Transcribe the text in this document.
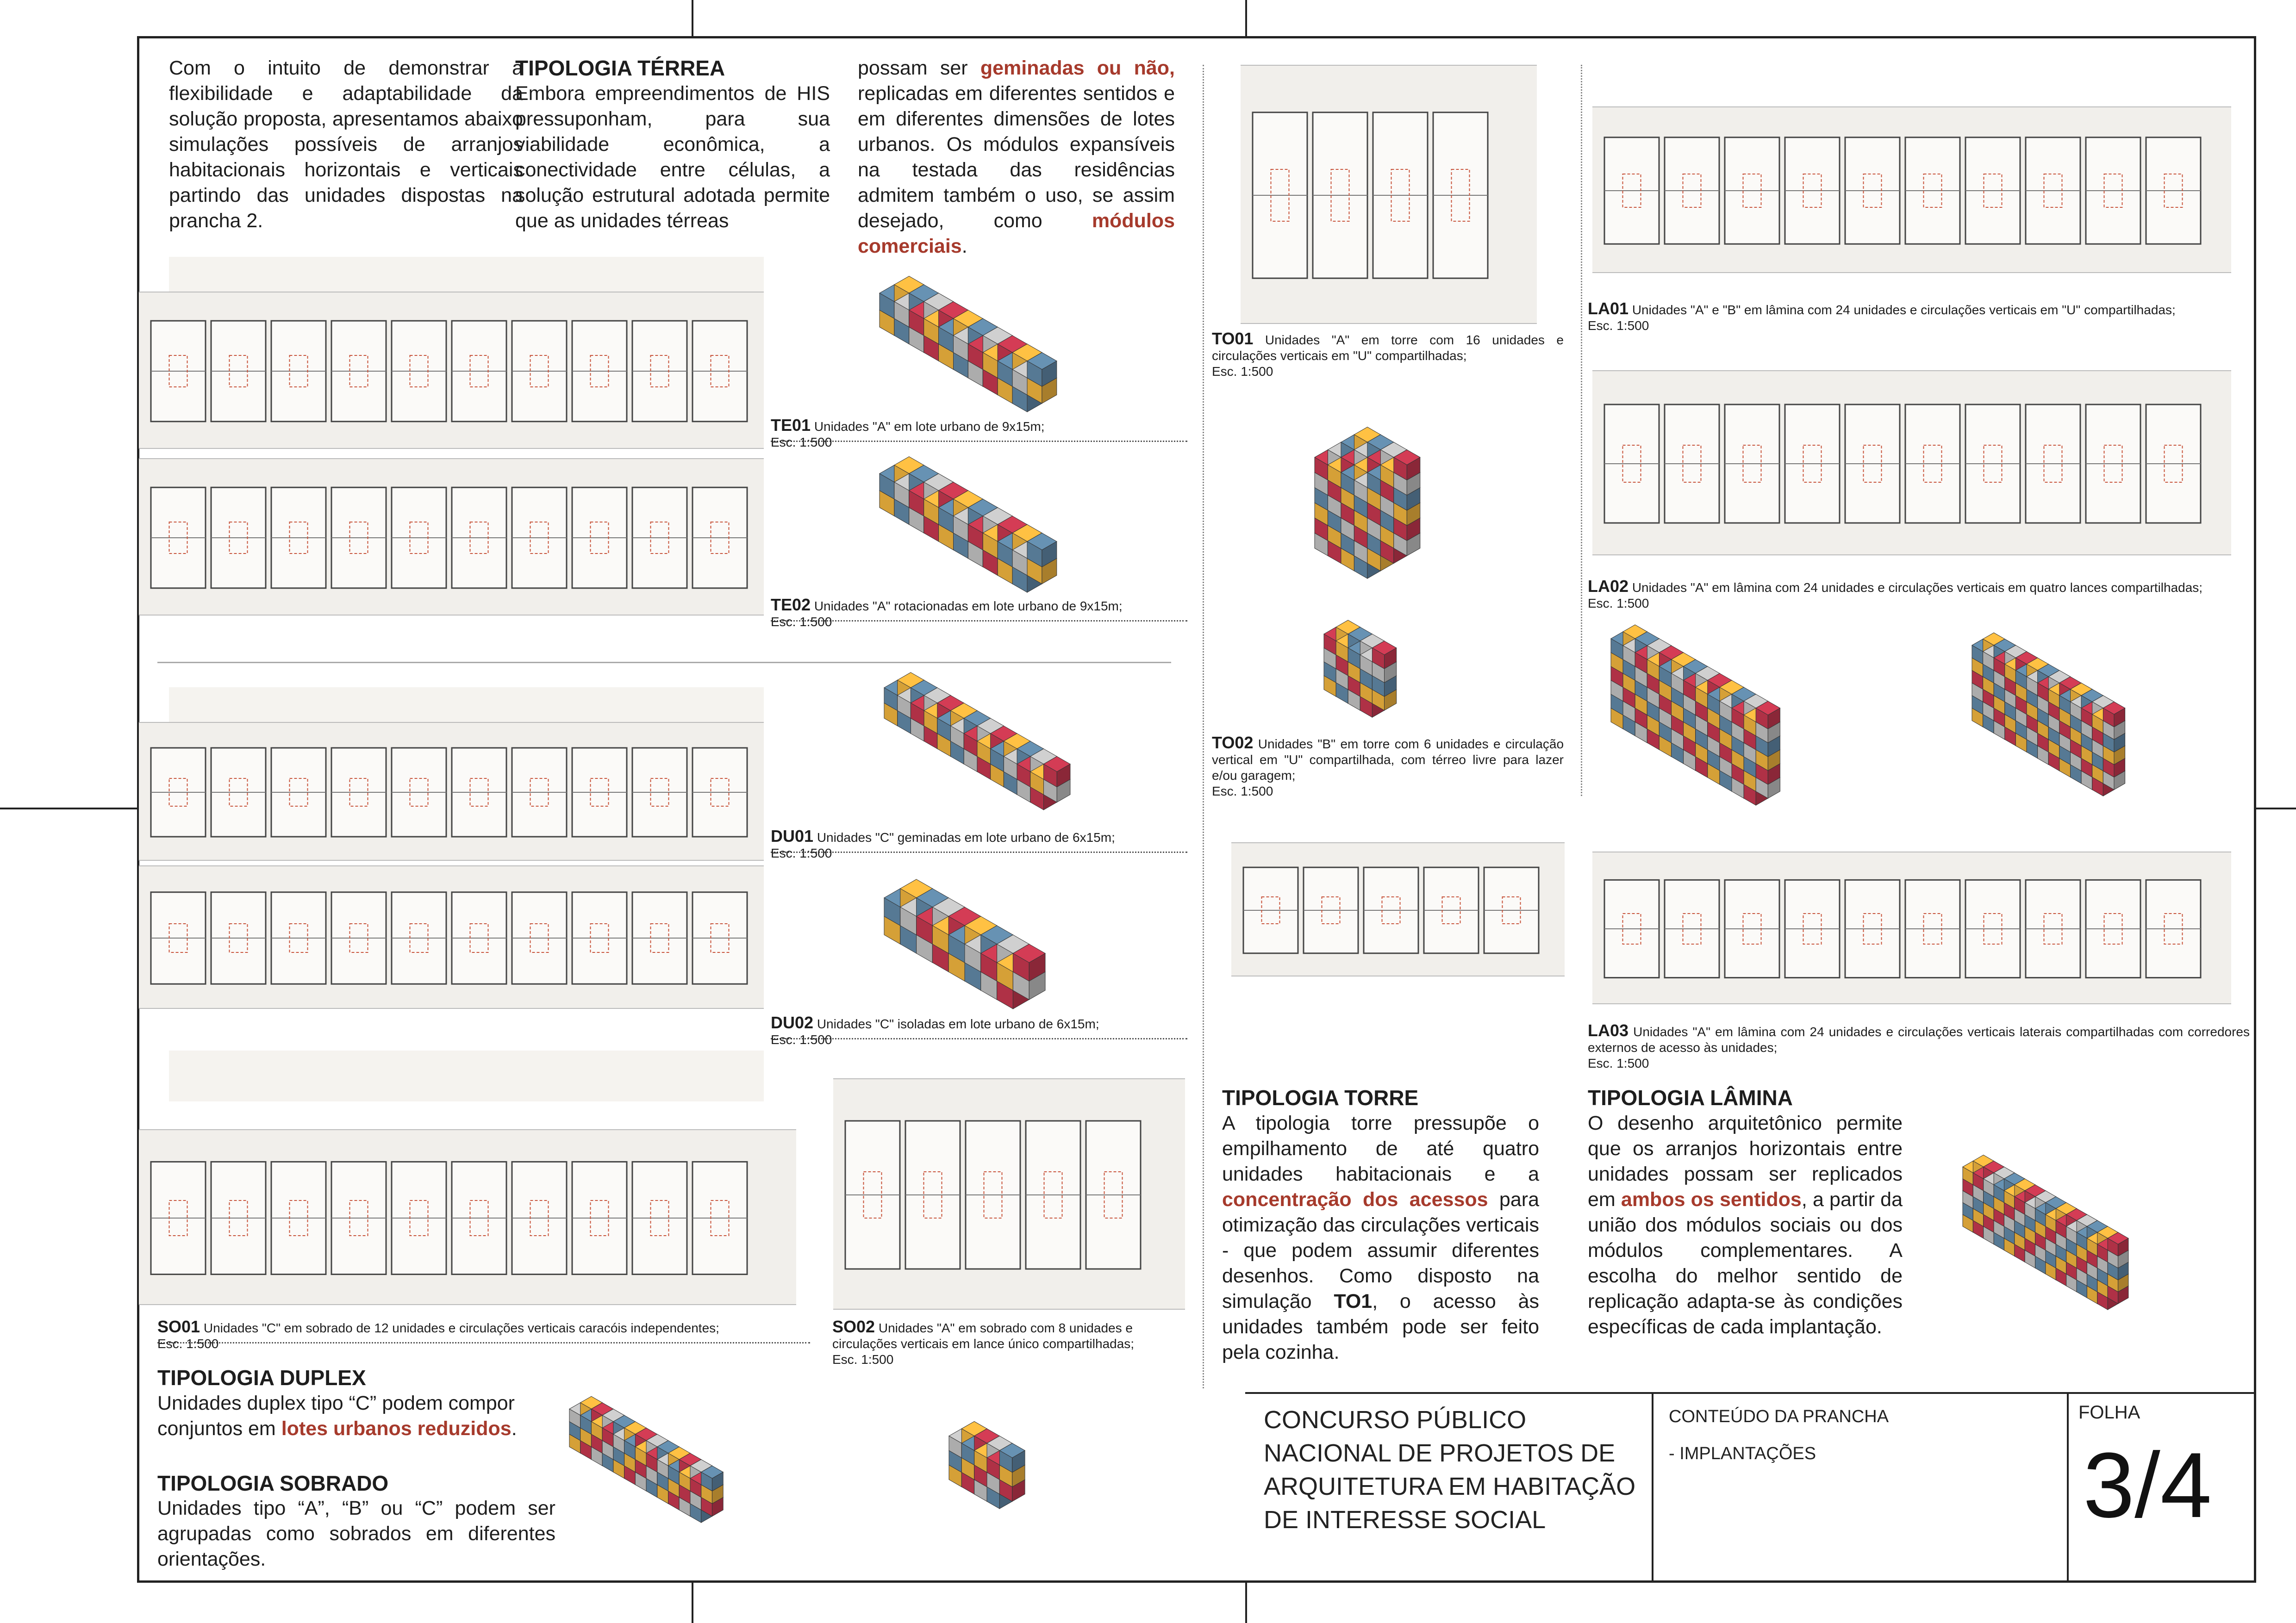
Com o intuito de demonstrar a flexibilidade e adaptabilidade da solução proposta, apresentamos abaixo simulações possíveis de arranjos habitacionais horizontais e verticais partindo das unidades dispostas na prancha 2.
TIPOLOGIA TÉRREA
Embora empreendimentos de HIS pressuponham, para sua viabilidade econômica, a conectividade entre células, a solução estrutural adotada permite que as unidades térreas
possam ser geminadas ou não, replicadas em diferentes sentidos e em diferentes dimensões de lotes urbanos. Os módulos expansíveis na testada das residências admitem também o uso, se assim desejado, como módulos comerciais.
TE01 Unidades "A" em lote urbano de 9x15m;
Esc. 1:500
TE02 Unidades "A" rotacionadas em lote urbano de 9x15m;
Esc. 1:500
DU01 Unidades "C" geminadas em lote urbano de 6x15m;
Esc. 1:500
DU02 Unidades "C" isoladas em lote urbano de 6x15m;
Esc. 1:500
SO01 Unidades "C" em sobrado de 12 unidades e circulações verticais caracóis independentes;
Esc. 1:500
SO02 Unidades "A" em sobrado com 8 unidades e circulações verticais em lance único compartilhadas;
Esc. 1:500
TO01 Unidades "A" em torre com 16 unidades e circulações verticais em "U" compartilhadas;
Esc. 1:500
TO02 Unidades "B" em torre com 6 unidades e circulação vertical em "U" compartilhada, com térreo livre para lazer e/ou garagem;
Esc. 1:500
LA01 Unidades "A" e "B" em lâmina com 24 unidades e circulações verticais em "U" compartilhadas;
Esc. 1:500
LA02 Unidades "A" em lâmina com 24 unidades e circulações verticais em quatro lances compartilhadas;
Esc. 1:500
LA03 Unidades "A" em lâmina com 24 unidades e circulações verticais laterais compartilhadas com corredores externos de acesso às unidades;
Esc. 1:500
TIPOLOGIA DUPLEX
Unidades duplex tipo “C” podem compor conjuntos em lotes urbanos reduzidos.
TIPOLOGIA SOBRADO
Unidades tipo “A”, “B” ou “C” podem ser agrupadas como sobrados em diferentes orientações.
TIPOLOGIA TORRE
A tipologia torre pressupõe o empilhamento de até quatro unidades habitacionais e a concentração dos acessos para otimização das circulações verticais - que podem assumir diferentes desenhos. Como disposto na simulação TO1, o acesso às unidades também pode ser feito pela cozinha.
TIPOLOGIA LÂMINA
O desenho arquitetônico permite que os arranjos horizontais entre unidades possam ser replicados em ambos os sentidos, a partir da união dos módulos sociais ou dos módulos complementares. A escolha do melhor sentido de replicação adapta-se às condições específicas de cada implantação.
CONCURSO PÚBLICO NACIONAL DE PROJETOS DE ARQUITETURA EM HABITAÇÃO DE INTERESSE SOCIAL
CONTEÚDO DA PRANCHA
- IMPLANTAÇÕES
FOLHA
3/4
